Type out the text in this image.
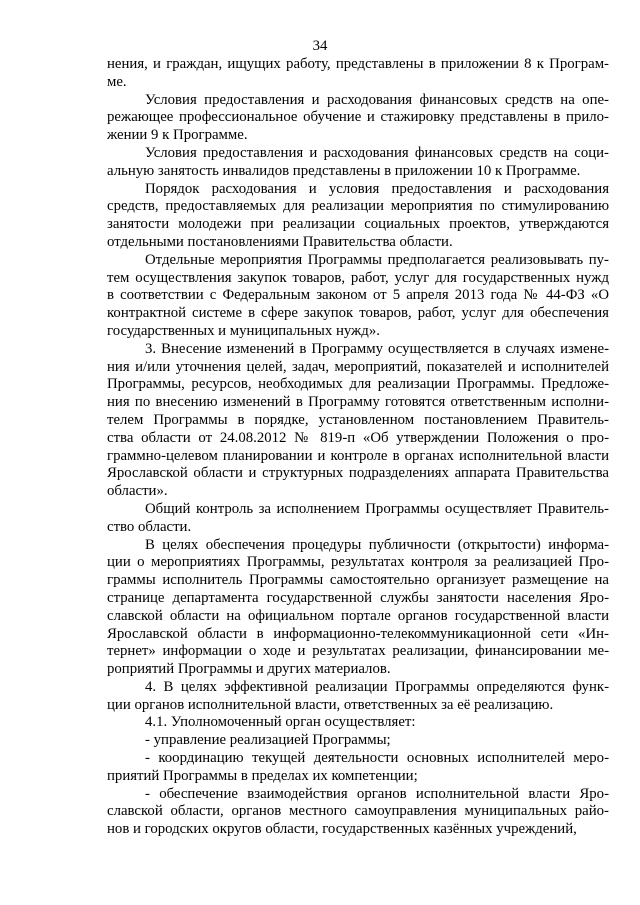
34
нения, и граждан, ищущих работу, представлены в приложении 8 к Програм-
ме.
Условия предоставления и расходования финансовых средств на опе-
режающее профессиональное обучение и стажировку представлены в прило-
жении 9 к Программе.
Условия предоставления и расходования финансовых средств на соци-
альную занятость инвалидов представлены в приложении 10 к Программе.
Порядок расходования и условия предоставления и расходования
средств, предоставляемых для реализации мероприятия по стимулированию
занятости молодежи при реализации социальных проектов, утверждаются
отдельными постановлениями Правительства области.
Отдельные мероприятия Программы предполагается реализовывать пу-
тем осуществления закупок товаров, работ, услуг для государственных нужд
в соответствии с Федеральным законом от 5 апреля 2013 года № 44-ФЗ «О
контрактной системе в сфере закупок товаров, работ, услуг для обеспечения
государственных и муниципальных нужд».
3. Внесение изменений в Программу осуществляется в случаях измене-
ния и/или уточнения целей, задач, мероприятий, показателей и исполнителей
Программы, ресурсов, необходимых для реализации Программы. Предложе-
ния по внесению изменений в Программу готовятся ответственным исполни-
телем Программы в порядке, установленном постановлением Правитель-
ства области от 24.08.2012 № 819-п «Об утверждении Положения о про-
граммно-целевом планировании и контроле в органах исполнительной власти
Ярославской области и структурных подразделениях аппарата Правительства
области».
Общий контроль за исполнением Программы осуществляет Правитель-
ство области.
В целях обеспечения процедуры публичности (открытости) информа-
ции о мероприятиях Программы, результатах контроля за реализацией Про-
граммы исполнитель Программы самостоятельно организует размещение на
странице департамента государственной службы занятости населения Яро-
славской области на официальном портале органов государственной власти
Ярославской области в информационно-телекоммуникационной сети «Ин-
тернет» информации о ходе и результатах реализации, финансировании ме-
роприятий Программы и других материалов.
4. В целях эффективной реализации Программы определяются функ-
ции органов исполнительной власти, ответственных за её реализацию.
4.1. Уполномоченный орган осуществляет:
- управление реализацией Программы;
- координацию текущей деятельности основных исполнителей меро-
приятий Программы в пределах их компетенции;
- обеспечение взаимодействия органов исполнительной власти Яро-
славской области, органов местного самоуправления муниципальных райо-
нов и городских округов области, государственных казённых учреждений,
